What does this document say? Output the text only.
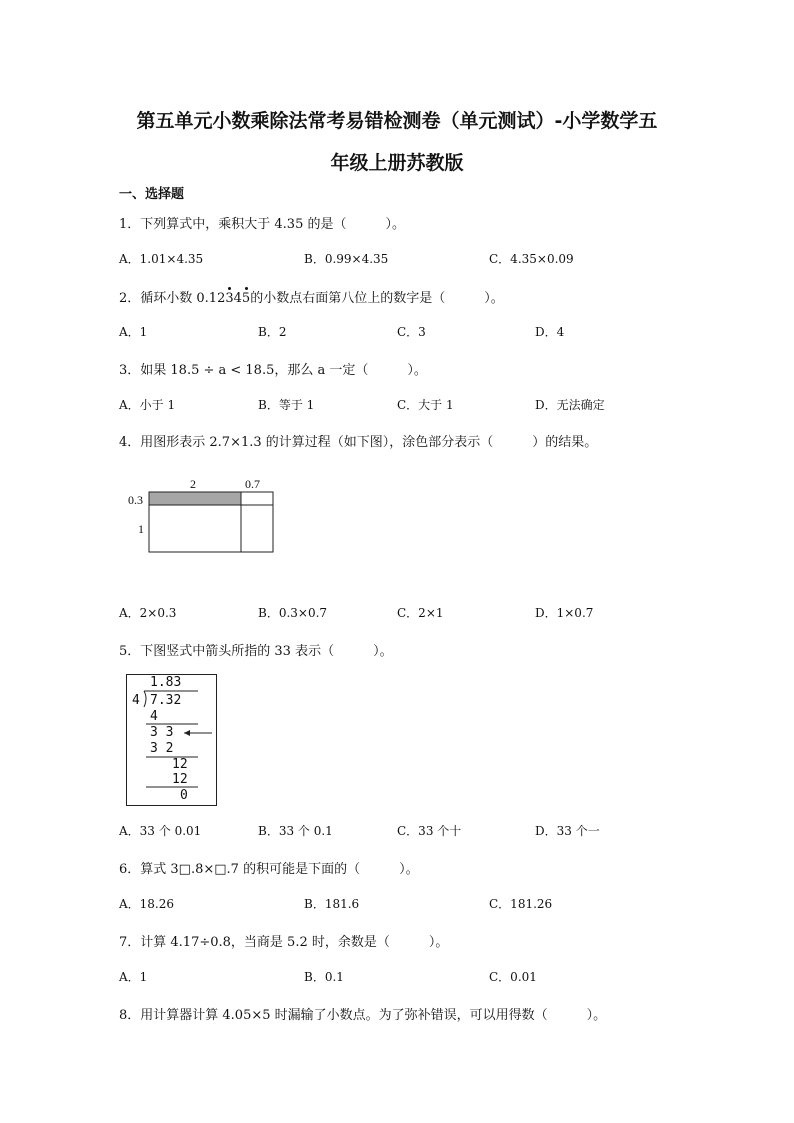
第五单元小数乘除法常考易错检测卷（单元测试）-小学数学五
年级上册苏教版
一、选择题
1．下列算式中，乘积大于 4.35 的是（　　　）。
A．1.01×4.35	B．0.99×4.35	C．4.35×0.09
2．循环小数 0.123
45
的小数点右面第八位上的数字是（　　　）。
A．1	B．2	C．3	D．4
3．如果 18.5 ÷ a < 18.5，那么 a 一定（　　　）。
A．小于 1	B．等于 1	C．大于 1	D．无法确定
4．用图形表示 2.7×1.3 的计算过程（如下图），涂色部分表示（　　　）的结果。
2	0.7
0.3
1
A．2×0.3	B．0.3×0.7	C．2×1	D．1×0.7
5．下图竖式中箭头所指的 33 表示（　　　）。
1.83
4 7.32
4
3 3
3 2
12
12
0
A．33 个 0.01	B．33 个 0.1	C．33 个十	D．33 个一
6．算式 3□.8×□.7 的积可能是下面的（　　　）。
A．18.26	B．181.6	C．181.26
7．计算 4.17÷0.8，当商是 5.2 时，余数是（　　　）。
A．1	B．0.1	C．0.01
8．用计算器计算 4.05×5 时漏输了小数点。为了弥补错误，可以用得数（　　　）。
